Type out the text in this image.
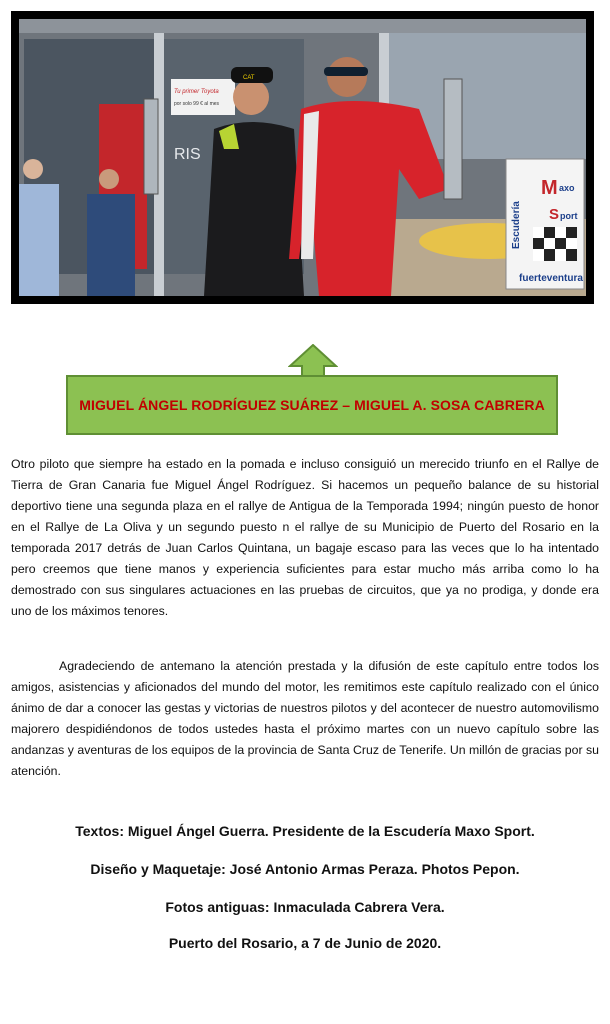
Tu primer Toyota
por solo 99 € al mes
RIS
CAT
Escudería
M axo
S port
fuerteventura
MIGUEL ÁNGEL RODRÍGUEZ SUÁREZ – MIGUEL A. SOSA CABRERA

Otro piloto que siempre ha estado en la pomada e incluso consiguió un merecido triunfo en el Rallye de Tierra de Gran Canaria fue Miguel Ángel Rodríguez. Si hacemos un pequeño balance de su historial deportivo tiene una segunda plaza en el rallye de Antigua de la Temporada 1994; ningún puesto de honor en el Rallye de La Oliva y un segundo puesto n el rallye de su Municipio de Puerto del Rosario en la temporada 2017 detrás de Juan Carlos Quintana, un bagaje escaso para las veces que lo ha intentado pero creemos que tiene manos y experiencia suficientes para estar mucho más arriba como lo ha demostrado con sus singulares actuaciones en las pruebas de circuitos, que ya no prodiga, y donde era uno de los máximos tenores.

Agradeciendo de antemano la atención prestada y la difusión de este capítulo entre todos los amigos, asistencias y aficionados del mundo del motor, les remitimos este capítulo realizado con el único ánimo de dar a conocer las gestas y victorias de nuestros pilotos y del acontecer de nuestro automovilismo majorero despidiéndonos de todos ustedes hasta el próximo martes con un nuevo capítulo sobre las andanzas y aventuras de los equipos de la provincia de Santa Cruz de Tenerife. Un millón de gracias por su atención.

Textos: Miguel Ángel Guerra. Presidente de la Escudería Maxo Sport.
Diseño y Maquetaje: José Antonio Armas Peraza. Photos Pepon.
Fotos antiguas: Inmaculada Cabrera Vera.
Puerto del Rosario, a 7 de Junio de 2020.
